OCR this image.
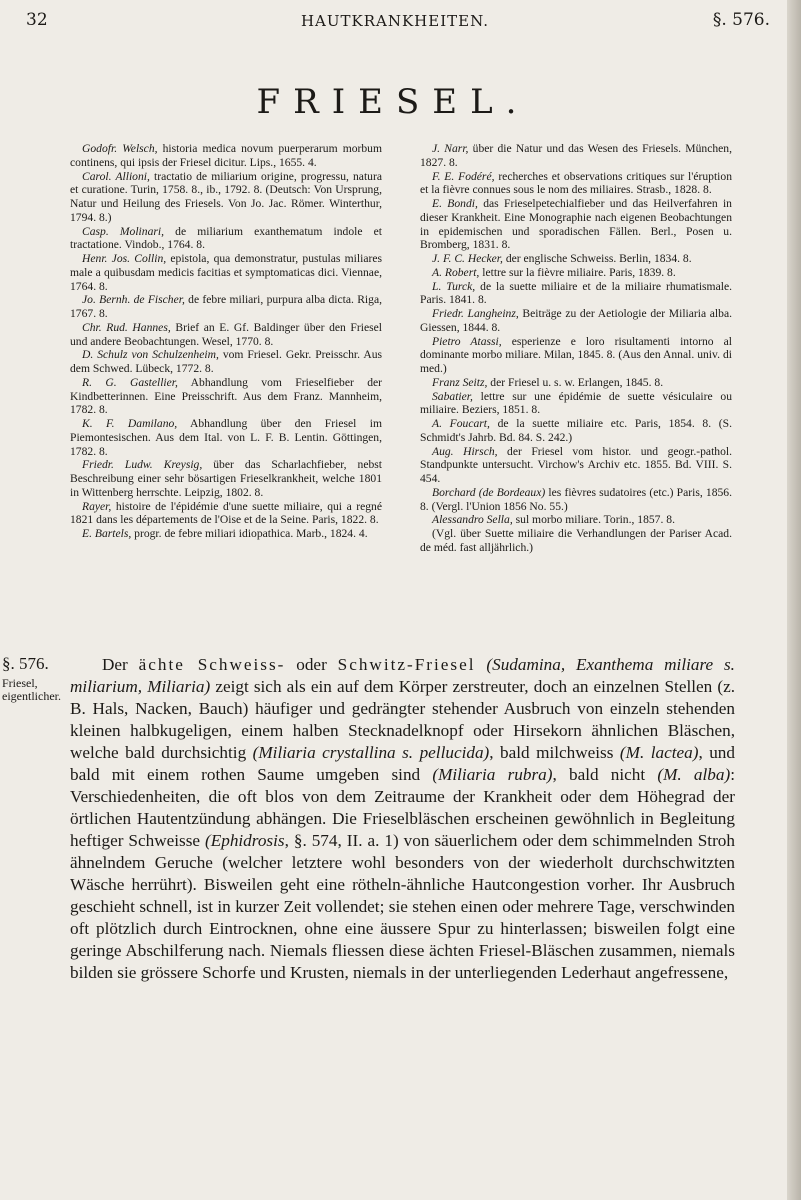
32	HAUTKRANKHEITEN.	§. 576.
FRIESEL.

Godofr. Welsch, historia medica novum puerperarum morbum continens, qui ipsis der Friesel dicitur. Lips., 1655. 4.

Carol. Allioni, tractatio de miliarium origine, progressu, natura et curatione. Turin, 1758. 8., ib., 1792. 8. (Deutsch: Von Ursprung, Natur und Heilung des Friesels. Von Jo. Jac. Römer. Winterthur, 1794. 8.)

Casp. Molinari, de miliarium exanthematum indole et tractatione. Vindob., 1764. 8.

Henr. Jos. Collin, epistola, qua demonstratur, pustulas miliares male a quibusdam medicis facitias et symptomaticas dici. Viennae, 1764. 8.

Jo. Bernh. de Fischer, de febre miliari, purpura alba dicta. Riga, 1767. 8.

Chr. Rud. Hannes, Brief an E. Gf. Baldinger über den Friesel und andere Beobachtungen. Wesel, 1770. 8.

D. Schulz von Schulzenheim, vom Friesel. Gekr. Preisschr. Aus dem Schwed. Lübeck, 1772. 8.

R. G. Gastellier, Abhandlung vom Frieselfieber der Kindbetterinnen. Eine Preisschrift. Aus dem Franz. Mannheim, 1782. 8.

K. F. Damilano, Abhandlung über den Friesel im Piemontesischen. Aus dem Ital. von L. F. B. Lentin. Göttingen, 1782. 8.

Friedr. Ludw. Kreysig, über das Scharlachfieber, nebst Beschreibung einer sehr bösartigen Frieselkrankheit, welche 1801 in Wittenberg herrschte. Leipzig, 1802. 8.

Rayer, histoire de l'épidémie d'une suette miliaire, qui a regné 1821 dans les départements de l'Oise et de la Seine. Paris, 1822. 8.

E. Bartels, progr. de febre miliari idiopathica. Marb., 1824. 4.

J. Narr, über die Natur und das Wesen des Friesels. München, 1827. 8.

F. E. Fodéré, recherches et observations critiques sur l'éruption et la fièvre connues sous le nom des miliaires. Strasb., 1828. 8.

E. Bondi, das Frieselpetechialfieber und das Heilverfahren in dieser Krankheit. Eine Monographie nach eigenen Beobachtungen in epidemischen und sporadischen Fällen. Berl., Posen u. Bromberg, 1831. 8.

J. F. C. Hecker, der englische Schweiss. Berlin, 1834. 8.

A. Robert, lettre sur la fièvre miliaire. Paris, 1839. 8.

L. Turck, de la suette miliaire et de la miliaire rhumatismale. Paris. 1841. 8.

Friedr. Langheinz, Beiträge zu der Aetiologie der Miliaria alba. Giessen, 1844. 8.

Pietro Atassi, esperienze e loro risultamenti intorno al dominante morbo miliare. Milan, 1845. 8. (Aus den Annal. univ. di med.)

Franz Seitz, der Friesel u. s. w. Erlangen, 1845. 8.

Sabatier, lettre sur une épidémie de suette vésiculaire ou miliaire. Beziers, 1851. 8.

A. Foucart, de la suette miliaire etc. Paris, 1854. 8. (S. Schmidt's Jahrb. Bd. 84. S. 242.)

Aug. Hirsch, der Friesel vom histor. und geogr.-pathol. Standpunkte untersucht. Virchow's Archiv etc. 1855. Bd. VIII. S. 454.

Borchard (de Bordeaux) les fièvres sudatoires (etc.) Paris, 1856. 8. (Vergl. l'Union 1856 No. 55.)

Alessandro Sella, sul morbo miliare. Torin., 1857. 8.

(Vgl. über Suette miliaire die Verhandlungen der Pariser Acad. de méd. fast alljährlich.)

§. 576.
Friesel, eigentlicher.

Der ächte Schweiss- oder Schwitz-Friesel (Sudamina, Exanthema miliare s. miliarium, Miliaria) zeigt sich als ein auf dem Körper zerstreuter, doch an einzelnen Stellen (z. B. Hals, Nacken, Bauch) häufiger und gedrängter stehender Ausbruch von einzeln stehenden kleinen halbkugeligen, einem halben Stecknadelknopf oder Hirsekorn ähnlichen Bläschen, welche bald durchsichtig (Miliaria crystallina s. pellucida), bald milchweiss (M. lactea), und bald mit einem rothen Saume umgeben sind (Miliaria rubra), bald nicht (M. alba): Verschiedenheiten, die oft blos von dem Zeitraume der Krankheit oder dem Höhegrad der örtlichen Hautentzündung abhängen. Die Frieselbläschen erscheinen gewöhnlich in Begleitung heftiger Schweisse (Ephidrosis, §. 574, II. a. 1) von säuerlichem oder dem schimmelnden Stroh ähnelndem Geruche (welcher letztere wohl besonders von der wiederholt durchschwitzten Wäsche herrührt). Bisweilen geht eine rötheln-ähnliche Hautcongestion vorher. Ihr Ausbruch geschieht schnell, ist in kurzer Zeit vollendet; sie stehen einen oder mehrere Tage, verschwinden oft plötzlich durch Eintrocknen, ohne eine äussere Spur zu hinterlassen; bisweilen folgt eine geringe Abschilferung nach. Niemals fliessen diese ächten Friesel-Bläschen zusammen, niemals bilden sie grössere Schorfe und Krusten, niemals in der unterliegenden Lederhaut angefressene,
